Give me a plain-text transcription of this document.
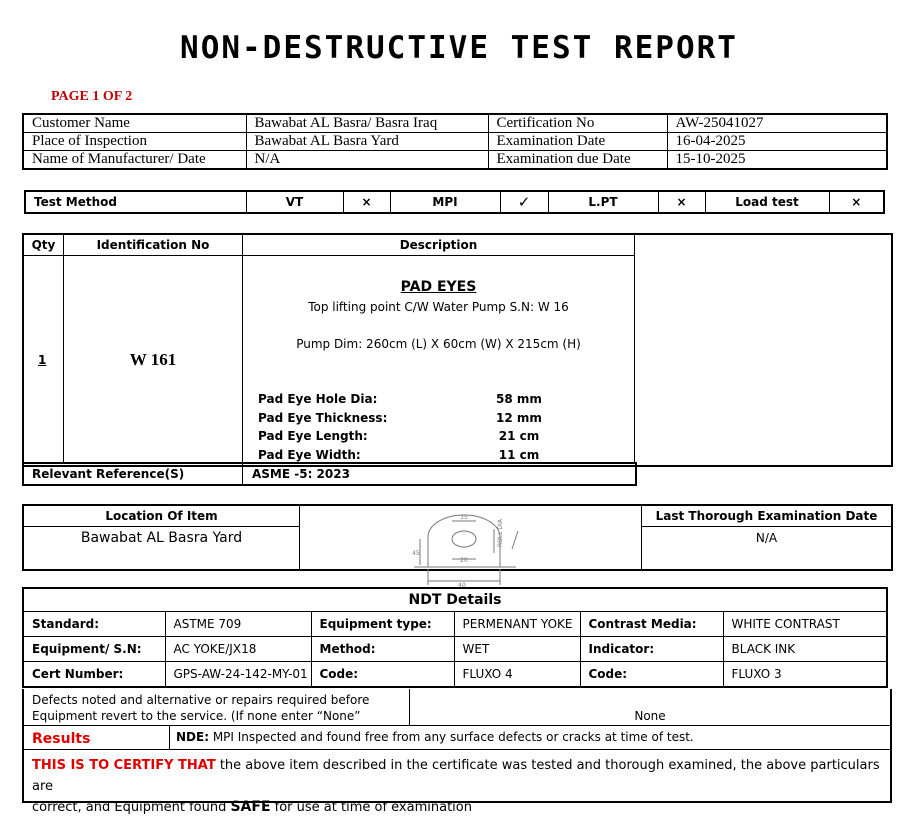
NON-DESTRUCTIVE TEST REPORT
PAGE 1 OF 2
Customer Name	Bawabat AL Basra/ Basra Iraq	Certification No	AW-25041027
Place of Inspection	Bawabat AL Basra Yard	Examination Date	16-04-2025
Name of Manufacturer/ Date	N/A	Examination due Date	15-10-2025
Test Method	VT	×	MPI	✓	L.PT	×	Load test	×
Qty	Identification No	Description
1	W 161
PAD EYES
Top lifting point C/W Water Pump S.N: W 16
Pump Dim: 260cm (L) X 60cm (W) X 215cm (H)
Pad Eye Hole Dia:	58 mm
Pad Eye Thickness:	12 mm
Pad Eye Length:	21 cm
Pad Eye Width:	11 cm
Relevant Reference(S)	ASME -5: 2023
Location Of Item
Bawabat AL Basra Yard
Last Thorough Examination Date
N/A
35
20
40
45
ROLL DIA
NDT Details					
Standard:	ASTME 709	Equipment type:	PERMENANT YOKE	Contrast Media:	WHITE CONTRAST
Equipment/ S.N:	AC YOKE/JX18	Method:	WET	Indicator:	BLACK INK
Cert Number:	GPS-AW-24-142-MY-01	Code:	FLUXO 4	Code:	FLUXO 3
Defects noted and alternative or repairs required before
Equipment revert to the service. (If none enter “None”	None
Results	NDE: MPI Inspected and found free from any surface defects or cracks at time of test.
THIS IS TO CERTIFY THAT the above item described in the certificate was tested and thorough examined, the above particulars are
correct, and Equipment found SAFE for use at time of examination
